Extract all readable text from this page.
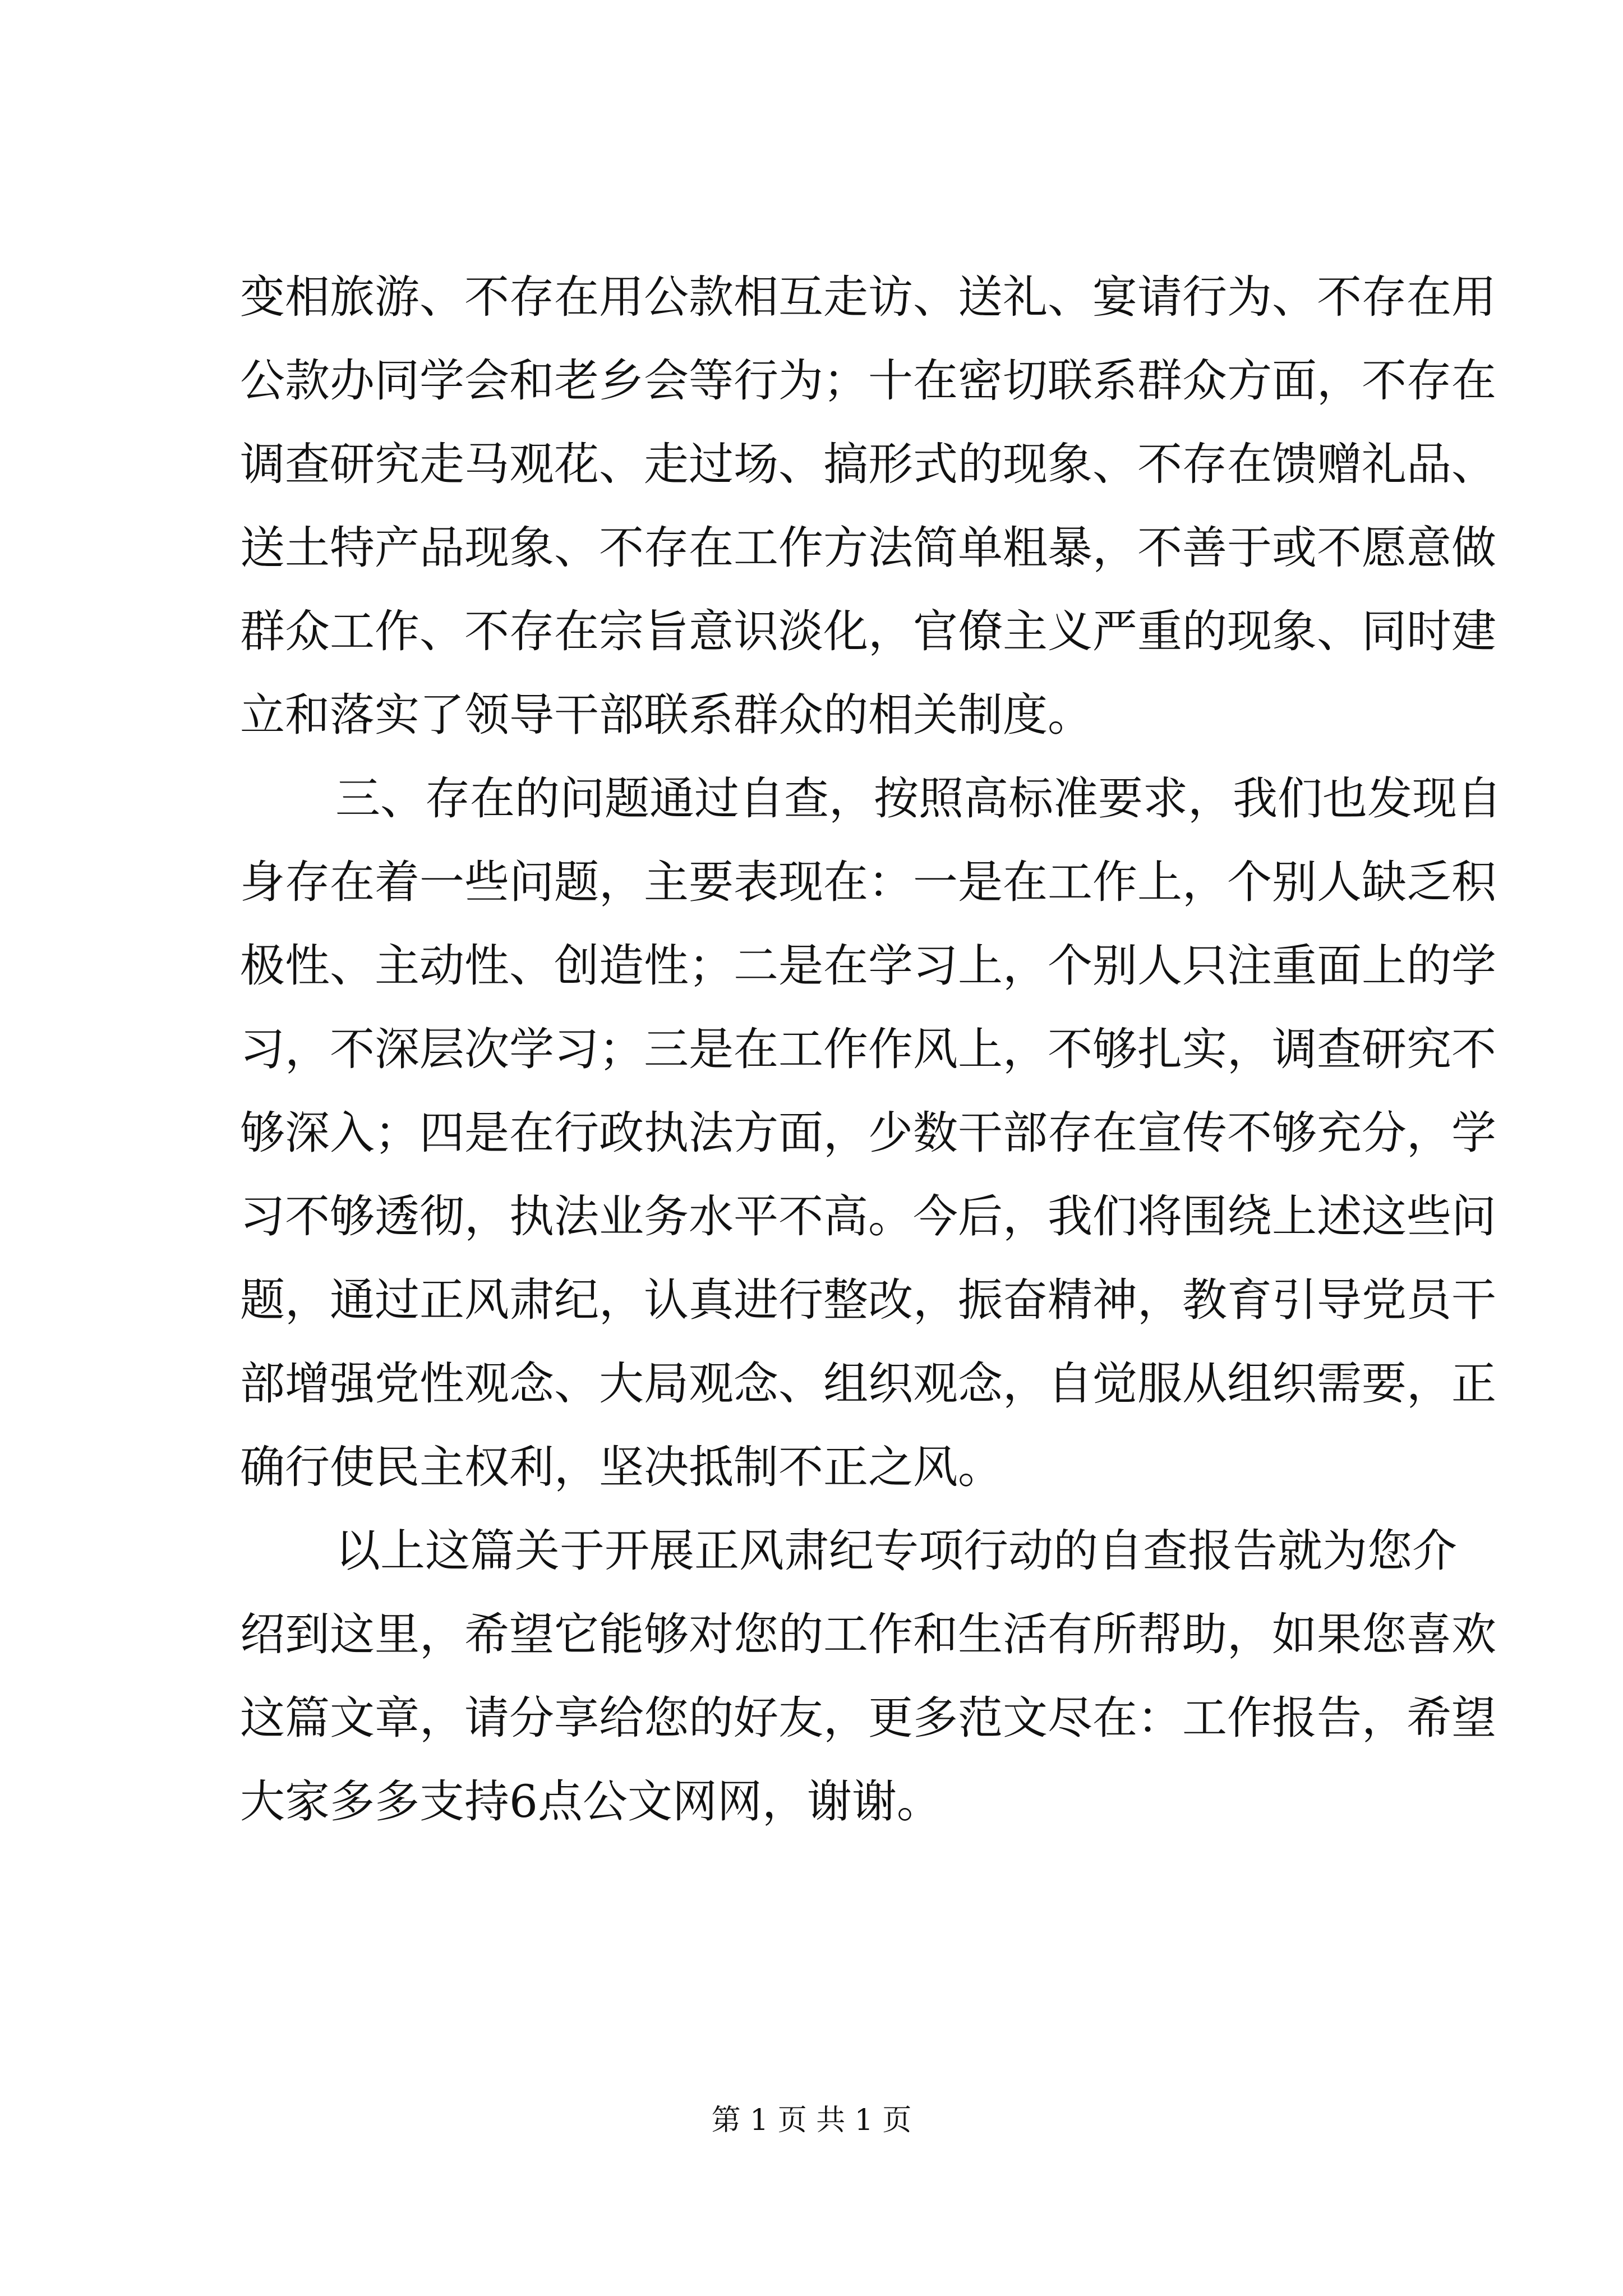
变相旅游、不存在用公款相互走访、送礼、宴请行为、不存在用
公款办同学会和老乡会等行为；十在密切联系群众方面，不存在
调查研究走马观花、走过场、搞形式的现象、不存在馈赠礼品、
送土特产品现象、不存在工作方法简单粗暴，不善于或不愿意做
群众工作、不存在宗旨意识淡化，官僚主义严重的现象、同时建
立和落实了领导干部联系群众的相关制度。
三、存在的问题通过自查，按照高标准要求，我们也发现自
身存在着一些问题，主要表现在：一是在工作上，个别人缺乏积
极性、主动性、创造性；二是在学习上，个别人只注重面上的学
习，不深层次学习；三是在工作作风上，不够扎实，调查研究不
够深入；四是在行政执法方面，少数干部存在宣传不够充分，学
习不够透彻，执法业务水平不高。今后，我们将围绕上述这些问
题，通过正风肃纪，认真进行整改，振奋精神，教育引导党员干
部增强党性观念、大局观念、组织观念，自觉服从组织需要，正
确行使民主权利，坚决抵制不正之风。
以上这篇关于开展正风肃纪专项行动的自查报告就为您介
绍到这里，希望它能够对您的工作和生活有所帮助，如果您喜欢
这篇文章，请分享给您的好友，更多范文尽在：工作报告，希望
大家多多支持6点公文网网，谢谢。
第 1 页 共 1 页
